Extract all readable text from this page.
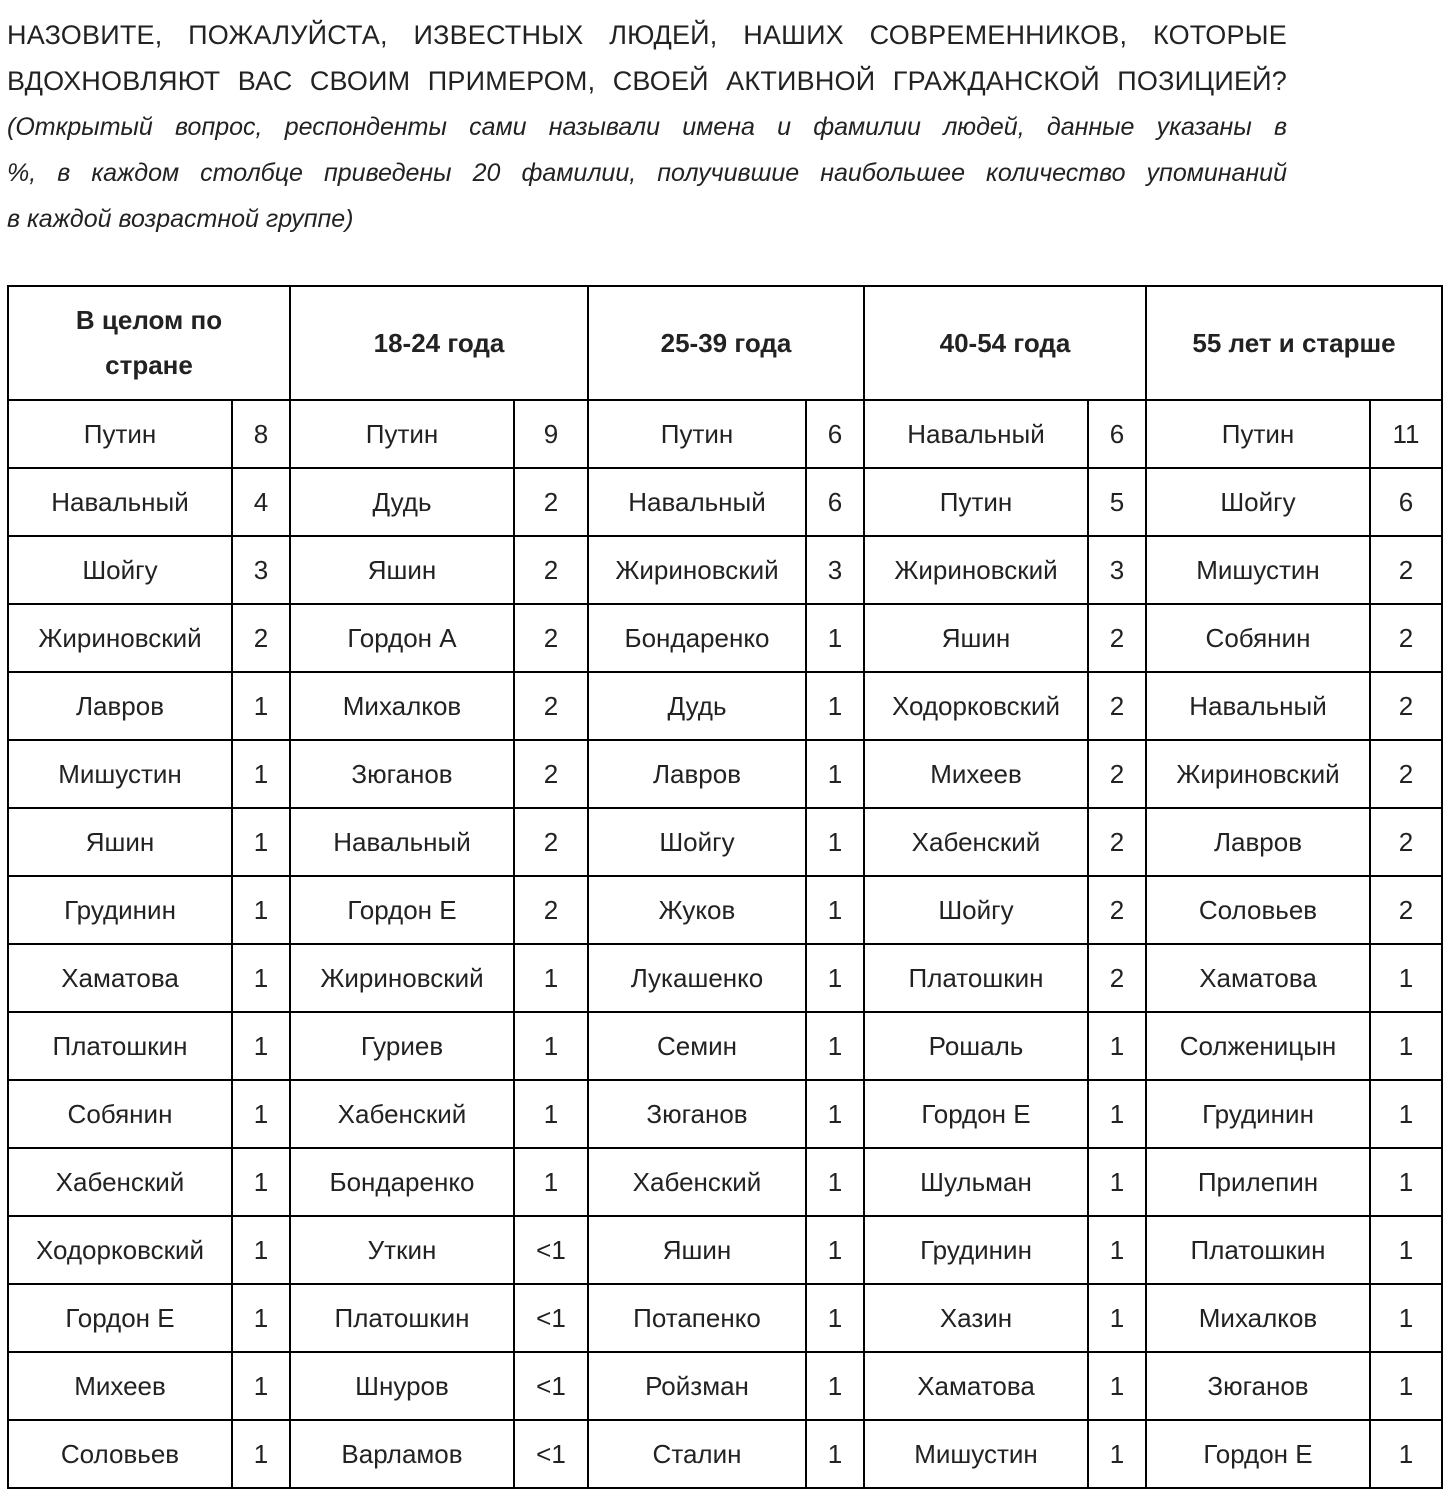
НАЗОВИТЕ, ПОЖАЛУЙСТА, ИЗВЕСТНЫХ ЛЮДЕЙ, НАШИХ СОВРЕМЕННИКОВ, КОТОРЫЕ ВДОХНОВЛЯЮТ ВАС СВОИМ ПРИМЕРОМ, СВОЕЙ АКТИВНОЙ ГРАЖДАНСКОЙ ПОЗИЦИЕЙ?
(Открытый вопрос, респонденты сами называли имена и фамилии людей, данные указаны в
%, в каждом столбце приведены 20 фамилии, получившие наибольшее количество упоминаний
в каждой возрастной группе)
В целом по стране		18-24 года		25-39 года		40-54 года		55 лет и старше	
Путин	8	Путин	9	Путин	6	Навальный	6	Путин	11
Навальный	4	Дудь	2	Навальный	6	Путин	5	Шойгу	6
Шойгу	3	Яшин	2	Жириновский	3	Жириновский	3	Мишустин	2
Жириновский	2	Гордон А	2	Бондаренко	1	Яшин	2	Собянин	2
Лавров	1	Михалков	2	Дудь	1	Ходорковский	2	Навальный	2
Мишустин	1	Зюганов	2	Лавров	1	Михеев	2	Жириновский	2
Яшин	1	Навальный	2	Шойгу	1	Хабенский	2	Лавров	2
Грудинин	1	Гордон Е	2	Жуков	1	Шойгу	2	Соловьев	2
Хаматова	1	Жириновский	1	Лукашенко	1	Платошкин	2	Хаматова	1
Платошкин	1	Гуриев	1	Семин	1	Рошаль	1	Солженицын	1
Собянин	1	Хабенский	1	Зюганов	1	Гордон Е	1	Грудинин	1
Хабенский	1	Бондаренко	1	Хабенский	1	Шульман	1	Прилепин	1
Ходорковский	1	Уткин	<1	Яшин	1	Грудинин	1	Платошкин	1
Гордон Е	1	Платошкин	<1	Потапенко	1	Хазин	1	Михалков	1
Михеев	1	Шнуров	<1	Ройзман	1	Хаматова	1	Зюганов	1
Соловьев	1	Варламов	<1	Сталин	1	Мишустин	1	Гордон Е	1
